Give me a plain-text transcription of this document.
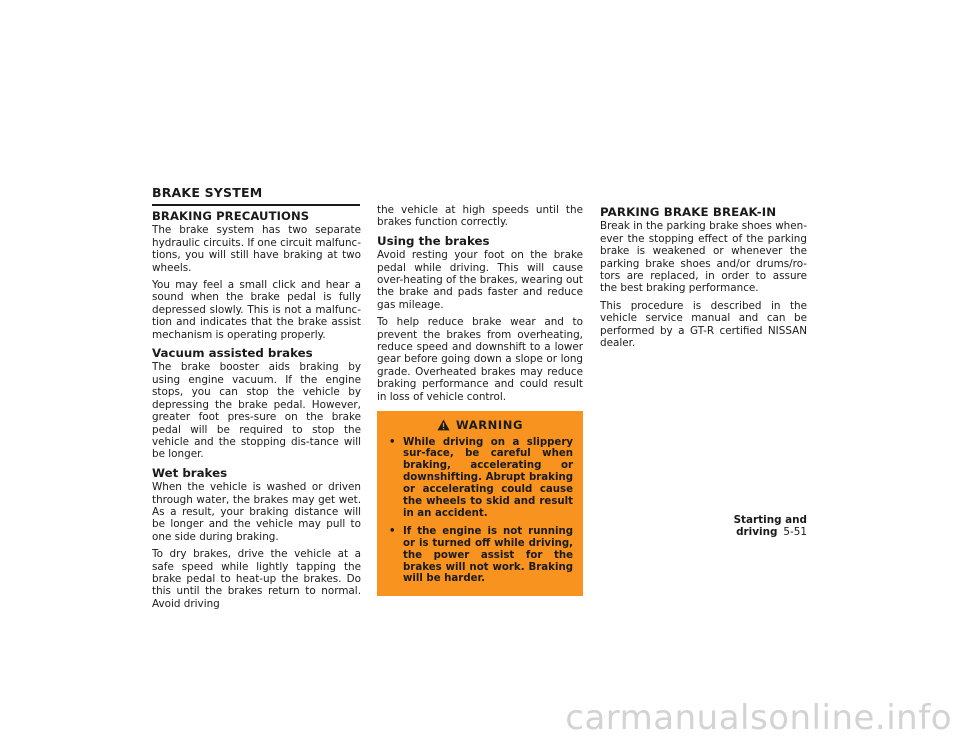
BRAKE SYSTEM
BRAKING PRECAUTIONS

The brake system has two separate hydraulic circuits. If one circuit malfunc-tions, you will still have braking at two wheels.

You may feel a small click and hear a sound when the brake pedal is fully depressed slowly. This is not a malfunc-tion and indicates that the brake assist mechanism is operating properly.

Vacuum assisted brakes

The brake booster aids braking by using engine vacuum. If the engine stops, you can stop the vehicle by depressing the brake pedal. However, greater foot pres-sure on the brake pedal will be required to stop the vehicle and the stopping dis-tance will be longer.

Wet brakes

When the vehicle is washed or driven through water, the brakes may get wet. As a result, your braking distance will be longer and the vehicle may pull to one side during braking.

To dry brakes, drive the vehicle at a safe speed while lightly tapping the brake pedal to heat-up the brakes. Do this until the brakes return to normal. Avoid driving

the vehicle at high speeds until the brakes function correctly.

Using the brakes

Avoid resting your foot on the brake pedal while driving. This will cause over-heating of the brakes, wearing out the brake and pads faster and reduce gas mileage.

To help reduce brake wear and to prevent the brakes from overheating, reduce speed and downshift to a lower gear before going down a slope or long grade. Overheated brakes may reduce braking performance and could result in loss of vehicle control.

WARNING
• While driving on a slippery sur-face, be careful when braking, accelerating or downshifting. Abrupt braking or accelerating could cause the wheels to skid and result in an accident.
• If the engine is not running or is turned off while driving, the power assist for the brakes will not work. Braking will be harder.
PARKING BRAKE BREAK-IN

Break in the parking brake shoes when-ever the stopping effect of the parking brake is weakened or whenever the parking brake shoes and/or drums/ro-tors are replaced, in order to assure the best braking performance.

This procedure is described in the vehicle service manual and can be performed by a GT-R certified NISSAN dealer.

Starting and driving 5-51
carmanualsonline.info
